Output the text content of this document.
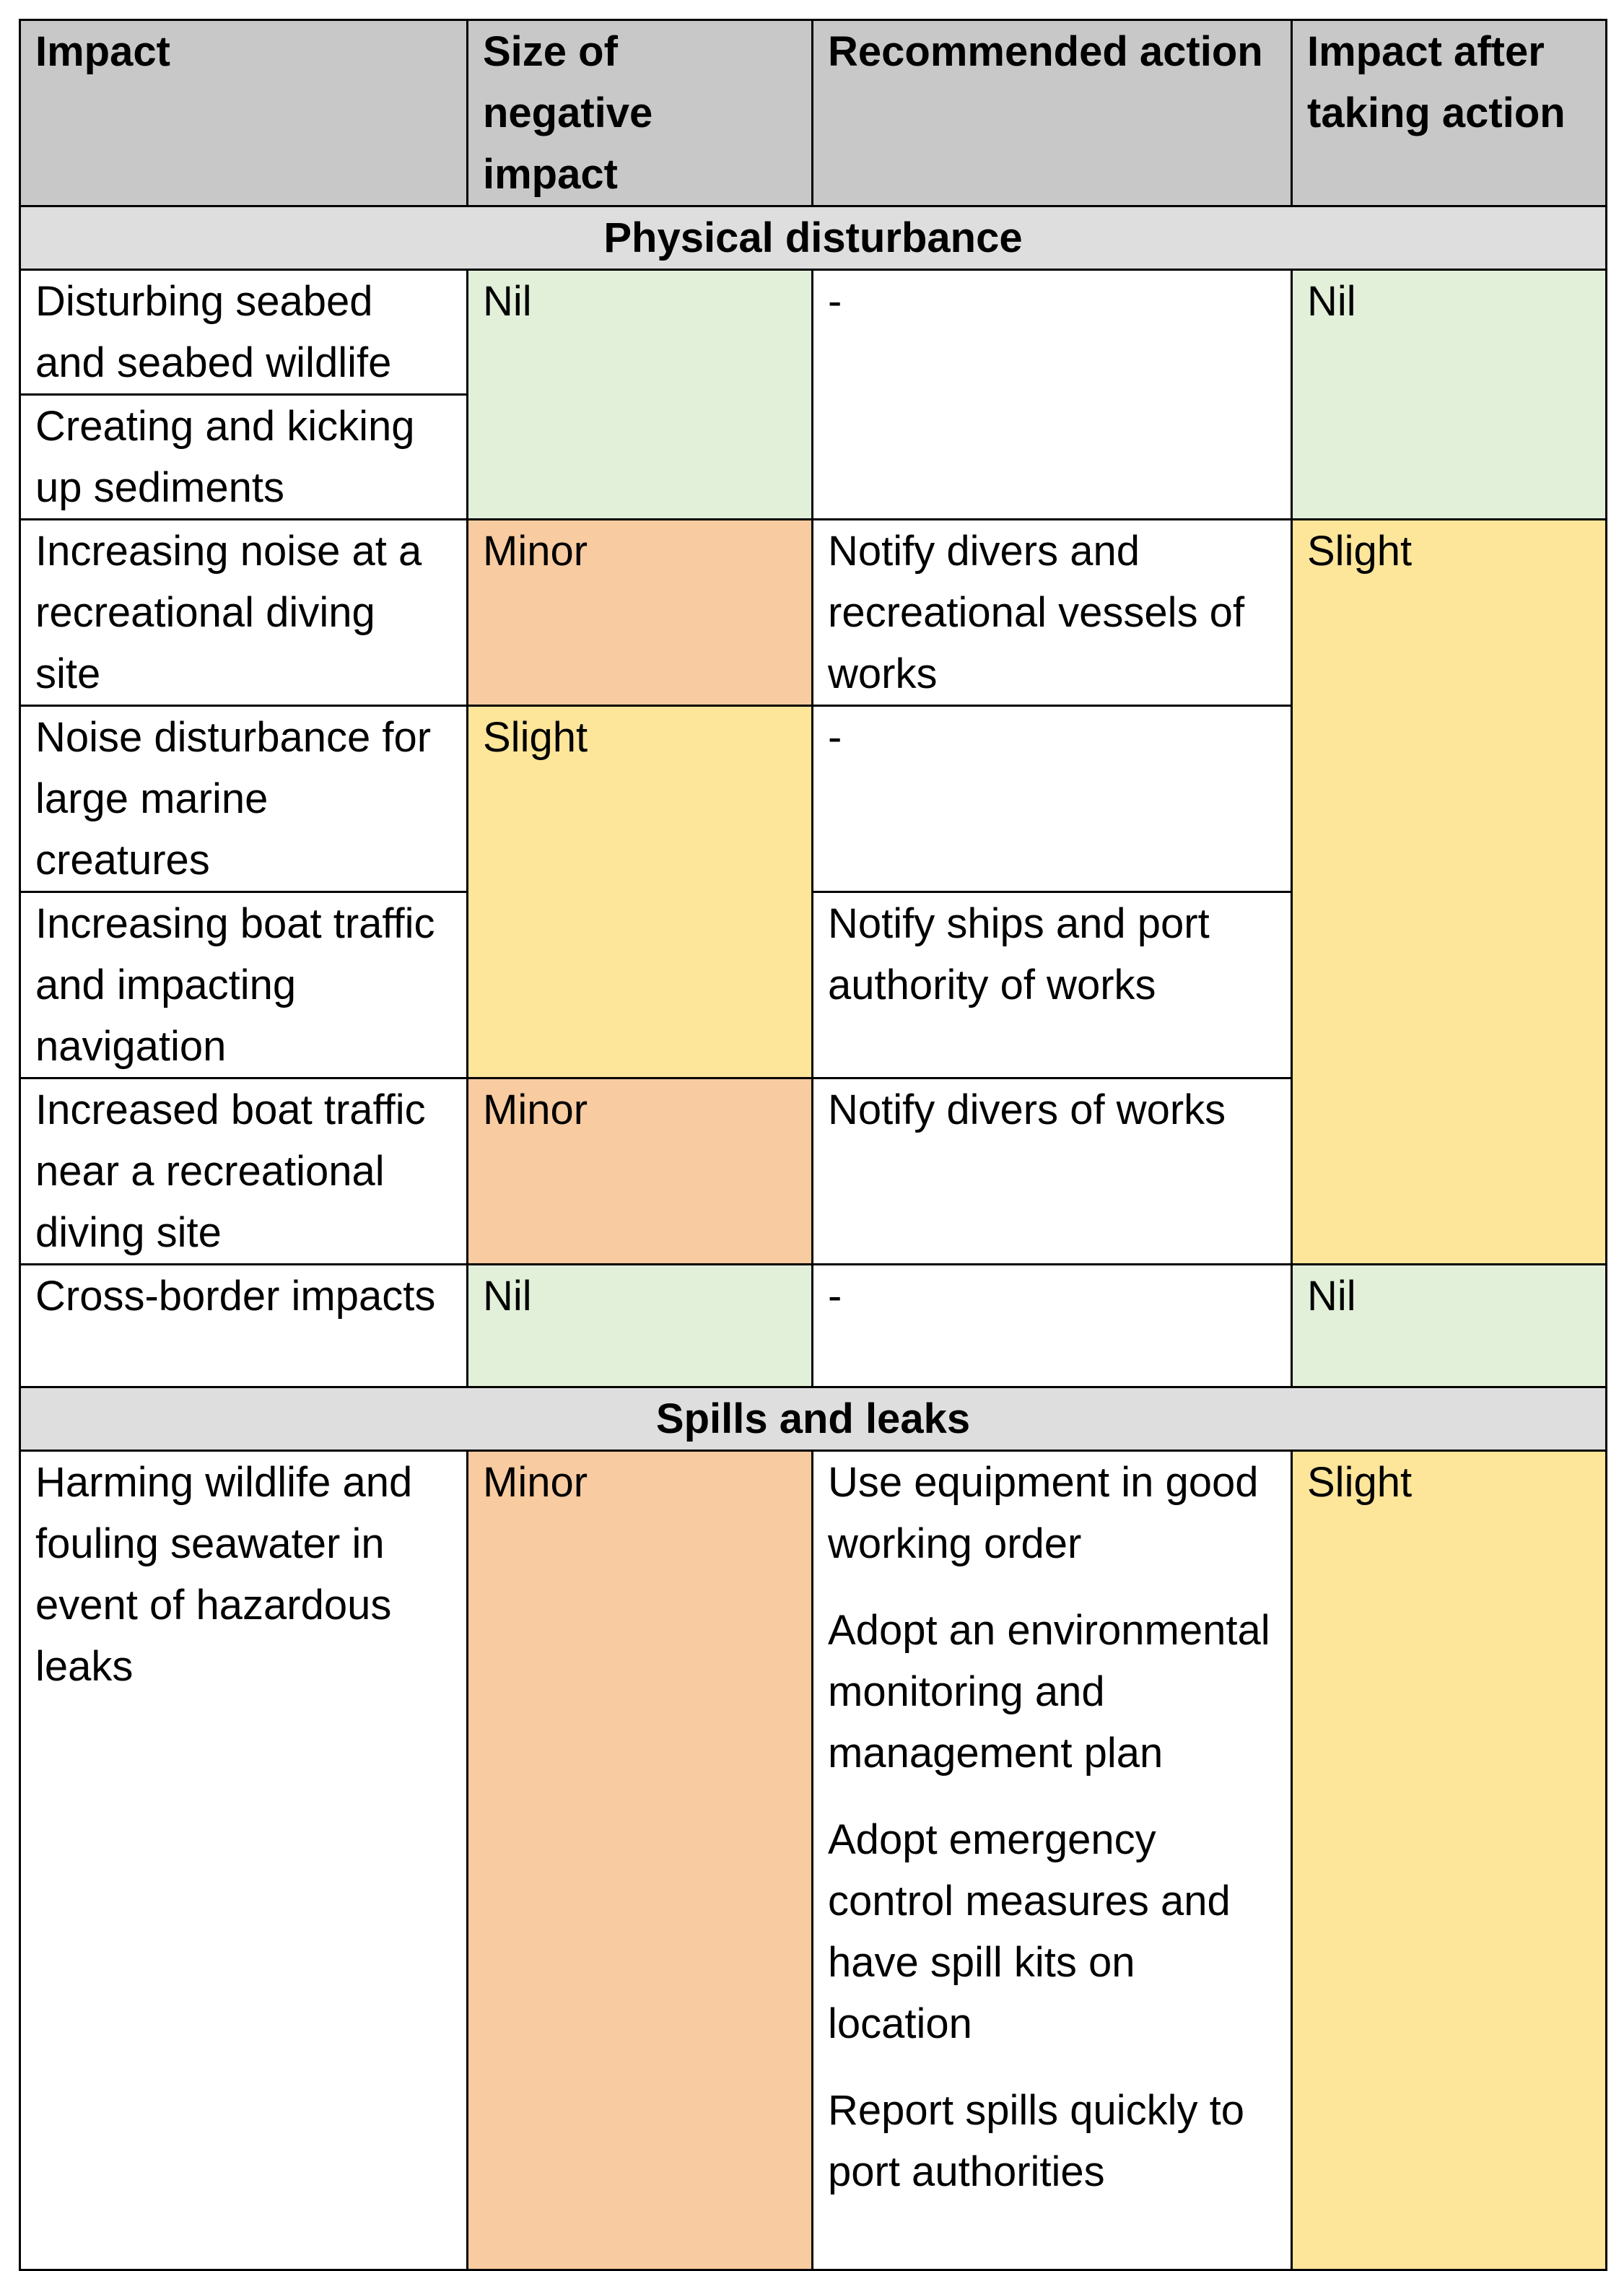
Impact	Size of negative impact	Recommended action	Impact after taking action
Physical disturbance			
Disturbing seabed and seabed wildlife	Nil	-	Nil
Creating and kicking up sediments			
Increasing noise at a recreational diving site	Minor	Notify divers and recreational vessels of works	Slight
Noise disturbance for large marine creatures	Slight	-	
Increasing boat traffic and impacting navigation		Notify ships and port authority of works	
Increased boat traffic near a recreational diving site	Minor	Notify divers of works	
Cross-border impacts	Nil	-	Nil
Spills and leaks			
Harming wildlife and fouling seawater in event of hazardous leaks	Minor	Use equipment in good working order

Adopt an environmental monitoring and management plan

Adopt emergency control measures and have spill kits on location

Report spills quickly to port authorities	Slight
